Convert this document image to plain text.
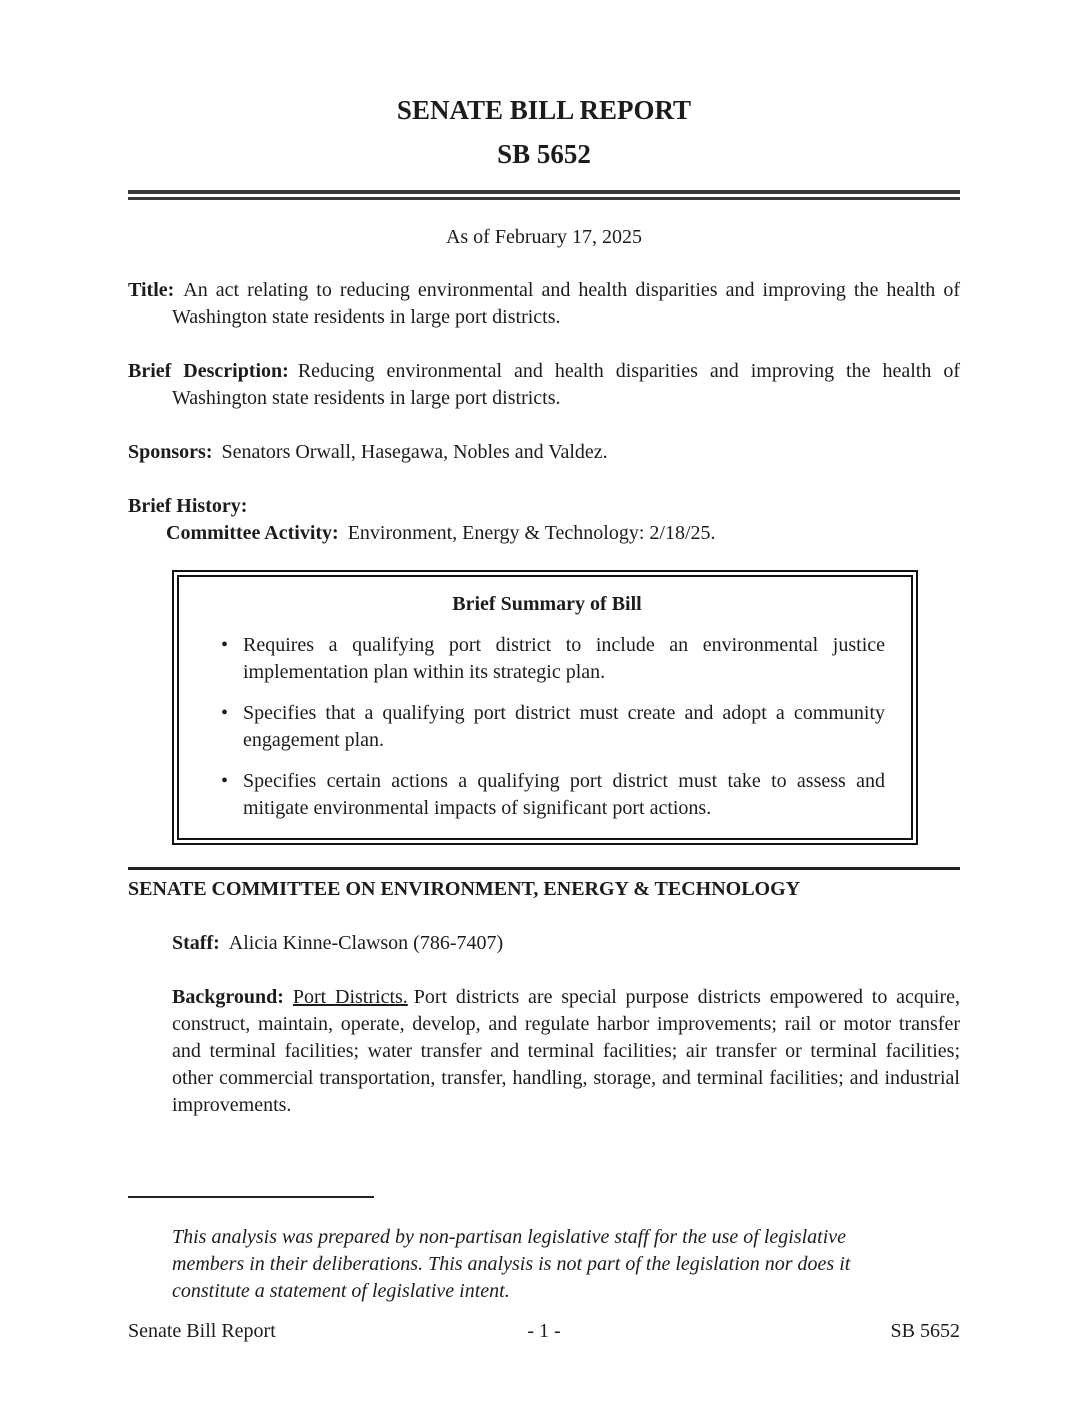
SENATE BILL REPORT
SB 5652
As of February 17, 2025
Title: An act relating to reducing environmental and health disparities and improving the health of Washington state residents in large port districts.
Brief Description: Reducing environmental and health disparities and improving the health of Washington state residents in large port districts.
Sponsors: Senators Orwall, Hasegawa, Nobles and Valdez.
Brief History:
Committee Activity: Environment, Energy & Technology: 2/18/25.
Brief Summary of Bill
• Requires a qualifying port district to include an environmental justice implementation plan within its strategic plan.
• Specifies that a qualifying port district must create and adopt a community engagement plan.
• Specifies certain actions a qualifying port district must take to assess and mitigate environmental impacts of significant port actions.
SENATE COMMITTEE ON ENVIRONMENT, ENERGY & TECHNOLOGY
Staff: Alicia Kinne-Clawson (786-7407)
Background: Port Districts. Port districts are special purpose districts empowered to acquire, construct, maintain, operate, develop, and regulate harbor improvements; rail or motor transfer and terminal facilities; water transfer and terminal facilities; air transfer or terminal facilities; other commercial transportation, transfer, handling, storage, and terminal facilities; and industrial improvements.
This analysis was prepared by non-partisan legislative staff for the use of legislative members in their deliberations. This analysis is not part of the legislation nor does it constitute a statement of legislative intent.
Senate Bill Report	- 1 -	SB 5652
